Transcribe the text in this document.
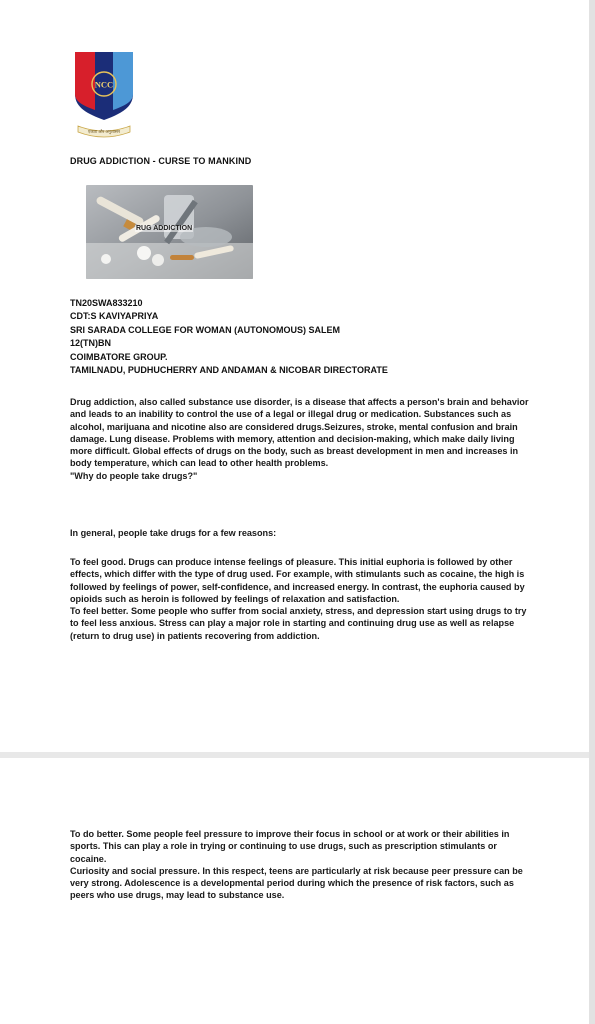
NCC
एकता और अनुशासन
DRUG ADDICTION - CURSE TO MANKIND
RUG ADDICTION
TN20SWA833210
CDT:S KAVIYAPRIYA
SRI SARADA COLLEGE FOR WOMAN (AUTONOMOUS) SALEM
12(TN)BN
COIMBATORE GROUP.
TAMILNADU, PUDHUCHERRY AND ANDAMAN & NICOBAR DIRECTORATE

Drug addiction, also called substance use disorder, is a disease that affects a person's brain and behavior and leads to an inability to control the use of a legal or illegal drug or medication. Substances such as alcohol, marijuana and nicotine also are considered drugs.Seizures, stroke, mental confusion and brain damage. Lung disease. Problems with memory, attention and decision-making, which make daily living more difficult. Global effects of drugs on the body, such as breast development in men and increases in body temperature, which can lead to other health problems.

"Why do people take drugs?"

In general, people take drugs for a few reasons:

To feel good. Drugs can produce intense feelings of pleasure. This initial euphoria is followed by other effects, which differ with the type of drug used. For example, with stimulants such as cocaine, the high is followed by feelings of power, self-confidence, and increased energy. In contrast, the euphoria caused by opioids such as heroin is followed by feelings of relaxation and satisfaction.

To feel better. Some people who suffer from social anxiety, stress, and depression start using drugs to try to feel less anxious. Stress can play a major role in starting and continuing drug use as well as relapse (return to drug use) in patients recovering from addiction.

To do better. Some people feel pressure to improve their focus in school or at work or their abilities in sports. This can play a role in trying or continuing to use drugs, such as prescription stimulants or cocaine.

Curiosity and social pressure. In this respect, teens are particularly at risk because peer pressure can be very strong. Adolescence is a developmental period during which the presence of risk factors, such as peers who use drugs, may lead to substance use.
